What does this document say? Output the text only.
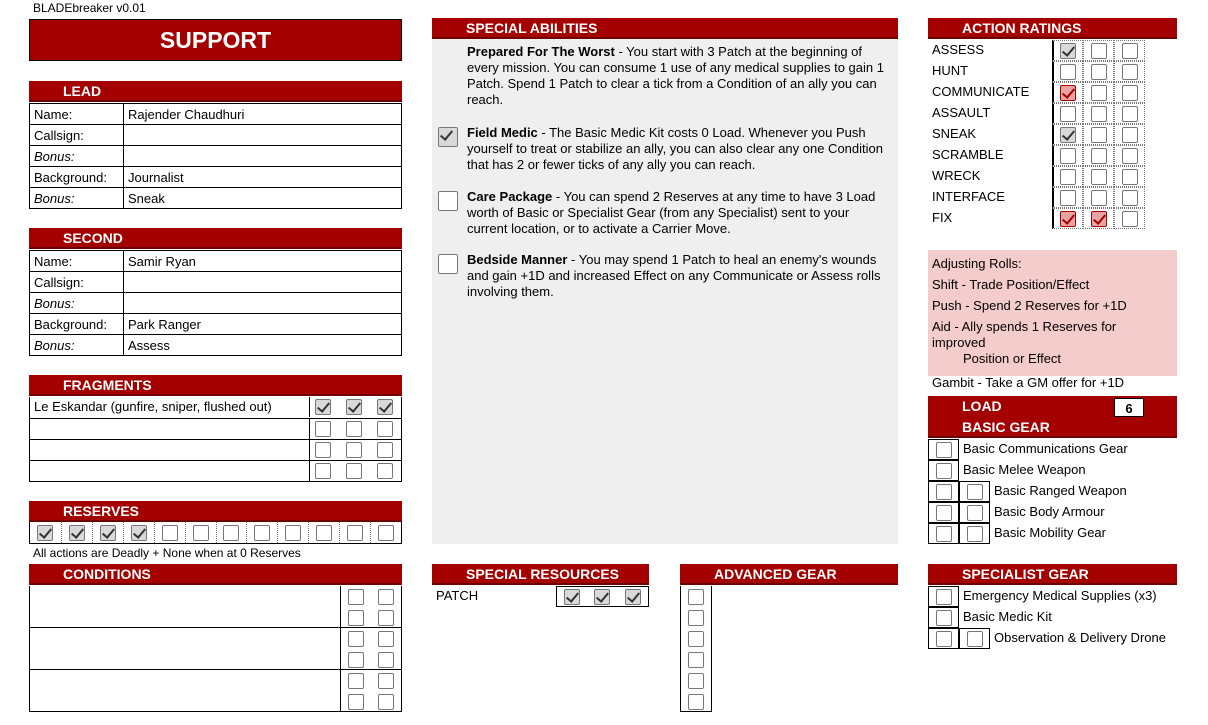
BLADEbreaker v0.01
SUPPORT
LEAD
Name:	Rajender Chaudhuri
Callsign:	
Bonus:	
Background:	Journalist
Bonus:	Sneak
SECOND
Name:	Samir Ryan
Callsign:	
Bonus:	
Background:	Park Ranger
Bonus:	Assess
FRAGMENTS
Le Eskandar (gunfire, sniper, flushed out)
RESERVES
All actions are Deadly + None when at 0 Reserves
CONDITIONS
SPECIAL ABILITIES
Prepared For The Worst - You start with 3 Patch at the beginning of every mission. You can consume 1 use of any medical supplies to gain 1 Patch. Spend 1 Patch to clear a tick from a Condition of an ally you can reach.
Field Medic - The Basic Medic Kit costs 0 Load. Whenever you Push yourself to treat or stabilize an ally, you can also clear any one Condition that has 2 or fewer ticks of any ally you can reach.
Care Package - You can spend 2 Reserves at any time to have 3 Load worth of Basic or Specialist Gear (from any Specialist) sent to your current location, or to activate a Carrier Move.
Bedside Manner - You may spend 1 Patch to heal an enemy's wounds and gain +1D and increased Effect on any Communicate or Assess rolls involving them.
SPECIAL RESOURCES
PATCH
ADVANCED GEAR
ACTION RATINGS
ASSESS
HUNT
COMMUNICATE
ASSAULT
SNEAK
SCRAMBLE
WRECK
INTERFACE
FIX
Adjusting Rolls:
Shift - Trade Position/Effect
Push - Spend 2 Reserves for +1D
Aid - Ally spends 1 Reserves for improved
Position or Effect
Gambit - Take a GM offer for +1D
LOAD	6
BASIC GEAR
Basic Communications Gear
Basic Melee Weapon
Basic Ranged Weapon
Basic Body Armour
Basic Mobility Gear
SPECIALIST GEAR
Emergency Medical Supplies (x3)
Basic Medic Kit
Observation & Delivery Drone
